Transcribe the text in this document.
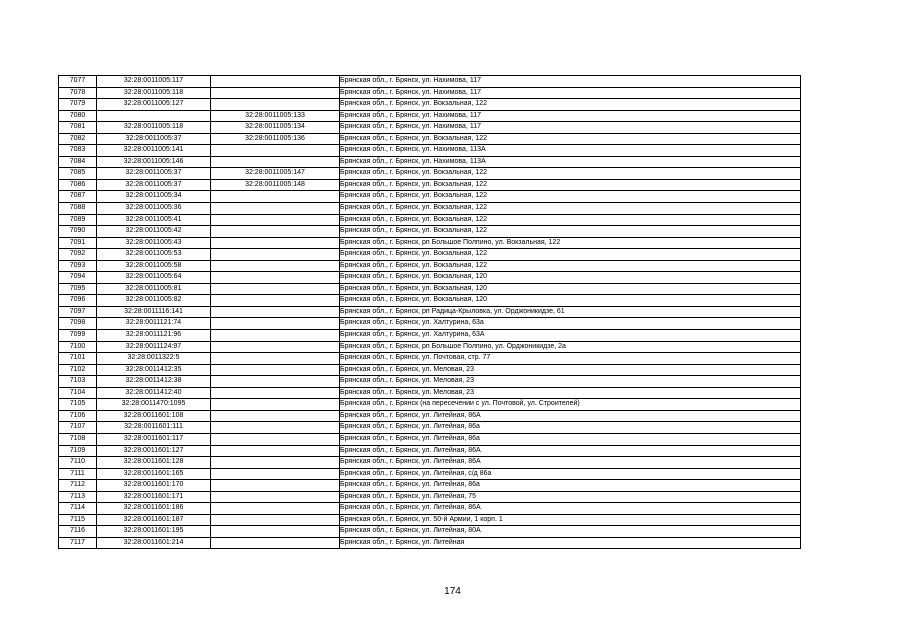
7077	32:28:0011005:117		Брянская обл., г. Брянск, ул. Нахимова, 117
7078	32:28:0011005:118		Брянская обл., г. Брянск, ул. Нахимова, 117
7079	32:28:0011005:127		Брянская обл., г. Брянск, ул. Вокзальная, 122
7080		32:28:0011005:133	Брянская обл., г. Брянск, ул. Нахимова, 117
7081	32:28:0011005:118	32:28:0011005:134	Брянская обл., г. Брянск, ул. Нахимова, 117
7082	32:28:0011005:37	32:28:0011005:136	Брянская обл., г. Брянск, ул. Вокзальная, 122
7083	32:28:0011005:141		Брянская обл., г. Брянск, ул. Нахимова, 113А
7084	32:28:0011005:146		Брянская обл., г. Брянск, ул. Нахимова, 113А
7085	32:28:0011005:37	32:28:0011005:147	Брянская обл., г. Брянск, ул. Вокзальная, 122
7086	32:28:0011005:37	32:28:0011005:148	Брянская обл., г. Брянск, ул. Вокзальная, 122
7087	32:28:0011005:34		Брянская обл., г. Брянск, ул. Вокзальная, 122
7088	32:28:0011005:36		Брянская обл., г. Брянск, ул. Вокзальная, 122
7089	32:28:0011005:41		Брянская обл., г. Брянск, ул. Вокзальная, 122
7090	32:28:0011005:42		Брянская обл., г. Брянск, ул. Вокзальная, 122
7091	32:28:0011005:43		Брянская обл., г. Брянск, рп Большое Полпино, ул. Вокзальная, 122
7092	32:28:0011005:53		Брянская обл., г. Брянск, ул. Вокзальная, 122
7093	32:28:0011005:58		Брянская обл., г. Брянск, ул. Вокзальная, 122
7094	32:28:0011005:64		Брянская обл., г. Брянск, ул. Вокзальная, 120
7095	32:28:0011005:81		Брянская обл., г. Брянск, ул. Вокзальная, 120
7096	32:28:0011005:82		Брянская обл., г. Брянск, ул. Вокзальная, 120
7097	32:28:0011116:141		Брянская обл., г. Брянск, рп Радица-Крыловка, ул. Орджоникидзе, 61
7098	32:28:0011121:74		Брянская обл., г. Брянск, ул. Халтурина, 63а
7099	32:28:0011121:96		Брянская обл., г. Брянск, ул. Халтурина, 63А
7100	32:28:0011124:97		Брянская обл., г. Брянск, рп Большое Полпино, ул. Орджоникидзе, 2а
7101	32:28:0011322:5		Брянская обл., г. Брянск, ул. Почтовая, стр. 77
7102	32:28:0011412:35		Брянская обл., г. Брянск, ул. Меловая, 23
7103	32:28:0011412:38		Брянская обл., г. Брянск, ул. Меловая, 23
7104	32:28:0011412:40		Брянская обл., г. Брянск, ул. Меловая, 23
7105	32:28:0011470:1095		Брянская обл., г. Брянск (на пересечении с ул. Почтовой, ул. Строителей)
7106	32:28:0011601:108		Брянская обл., г. Брянск, ул. Литейная, 86А
7107	32:28:0011601:111		Брянская обл., г. Брянск, ул. Литейная, 86а
7108	32:28:0011601:117		Брянская обл., г. Брянск, ул. Литейная, 86а
7109	32:28:0011601:127		Брянская обл., г. Брянск, ул. Литейная, 86А
7110	32:28:0011601:128		Брянская обл., г. Брянск, ул. Литейная, 86А
7111	32:28:0011601:165		Брянская обл., г. Брянск, ул. Литейная, с/д 86а
7112	32:28:0011601:170		Брянская обл., г. Брянск, ул. Литейная, 86а
7113	32:28:0011601:171		Брянская обл., г. Брянск, ул. Литейная, 75
7114	32:28:0011601:186		Брянская обл., г. Брянск, ул. Литейная, 86А
7115	32:28:0011601:187		Брянская обл., г. Брянск, ул. 50-й Армии, 1 корп. 1
7116	32:28:0011601:195		Брянская обл., г. Брянск, ул. Литейная, 80А
7117	32:28:0011601:214		Брянская обл., г. Брянск, ул. Литейная
174
